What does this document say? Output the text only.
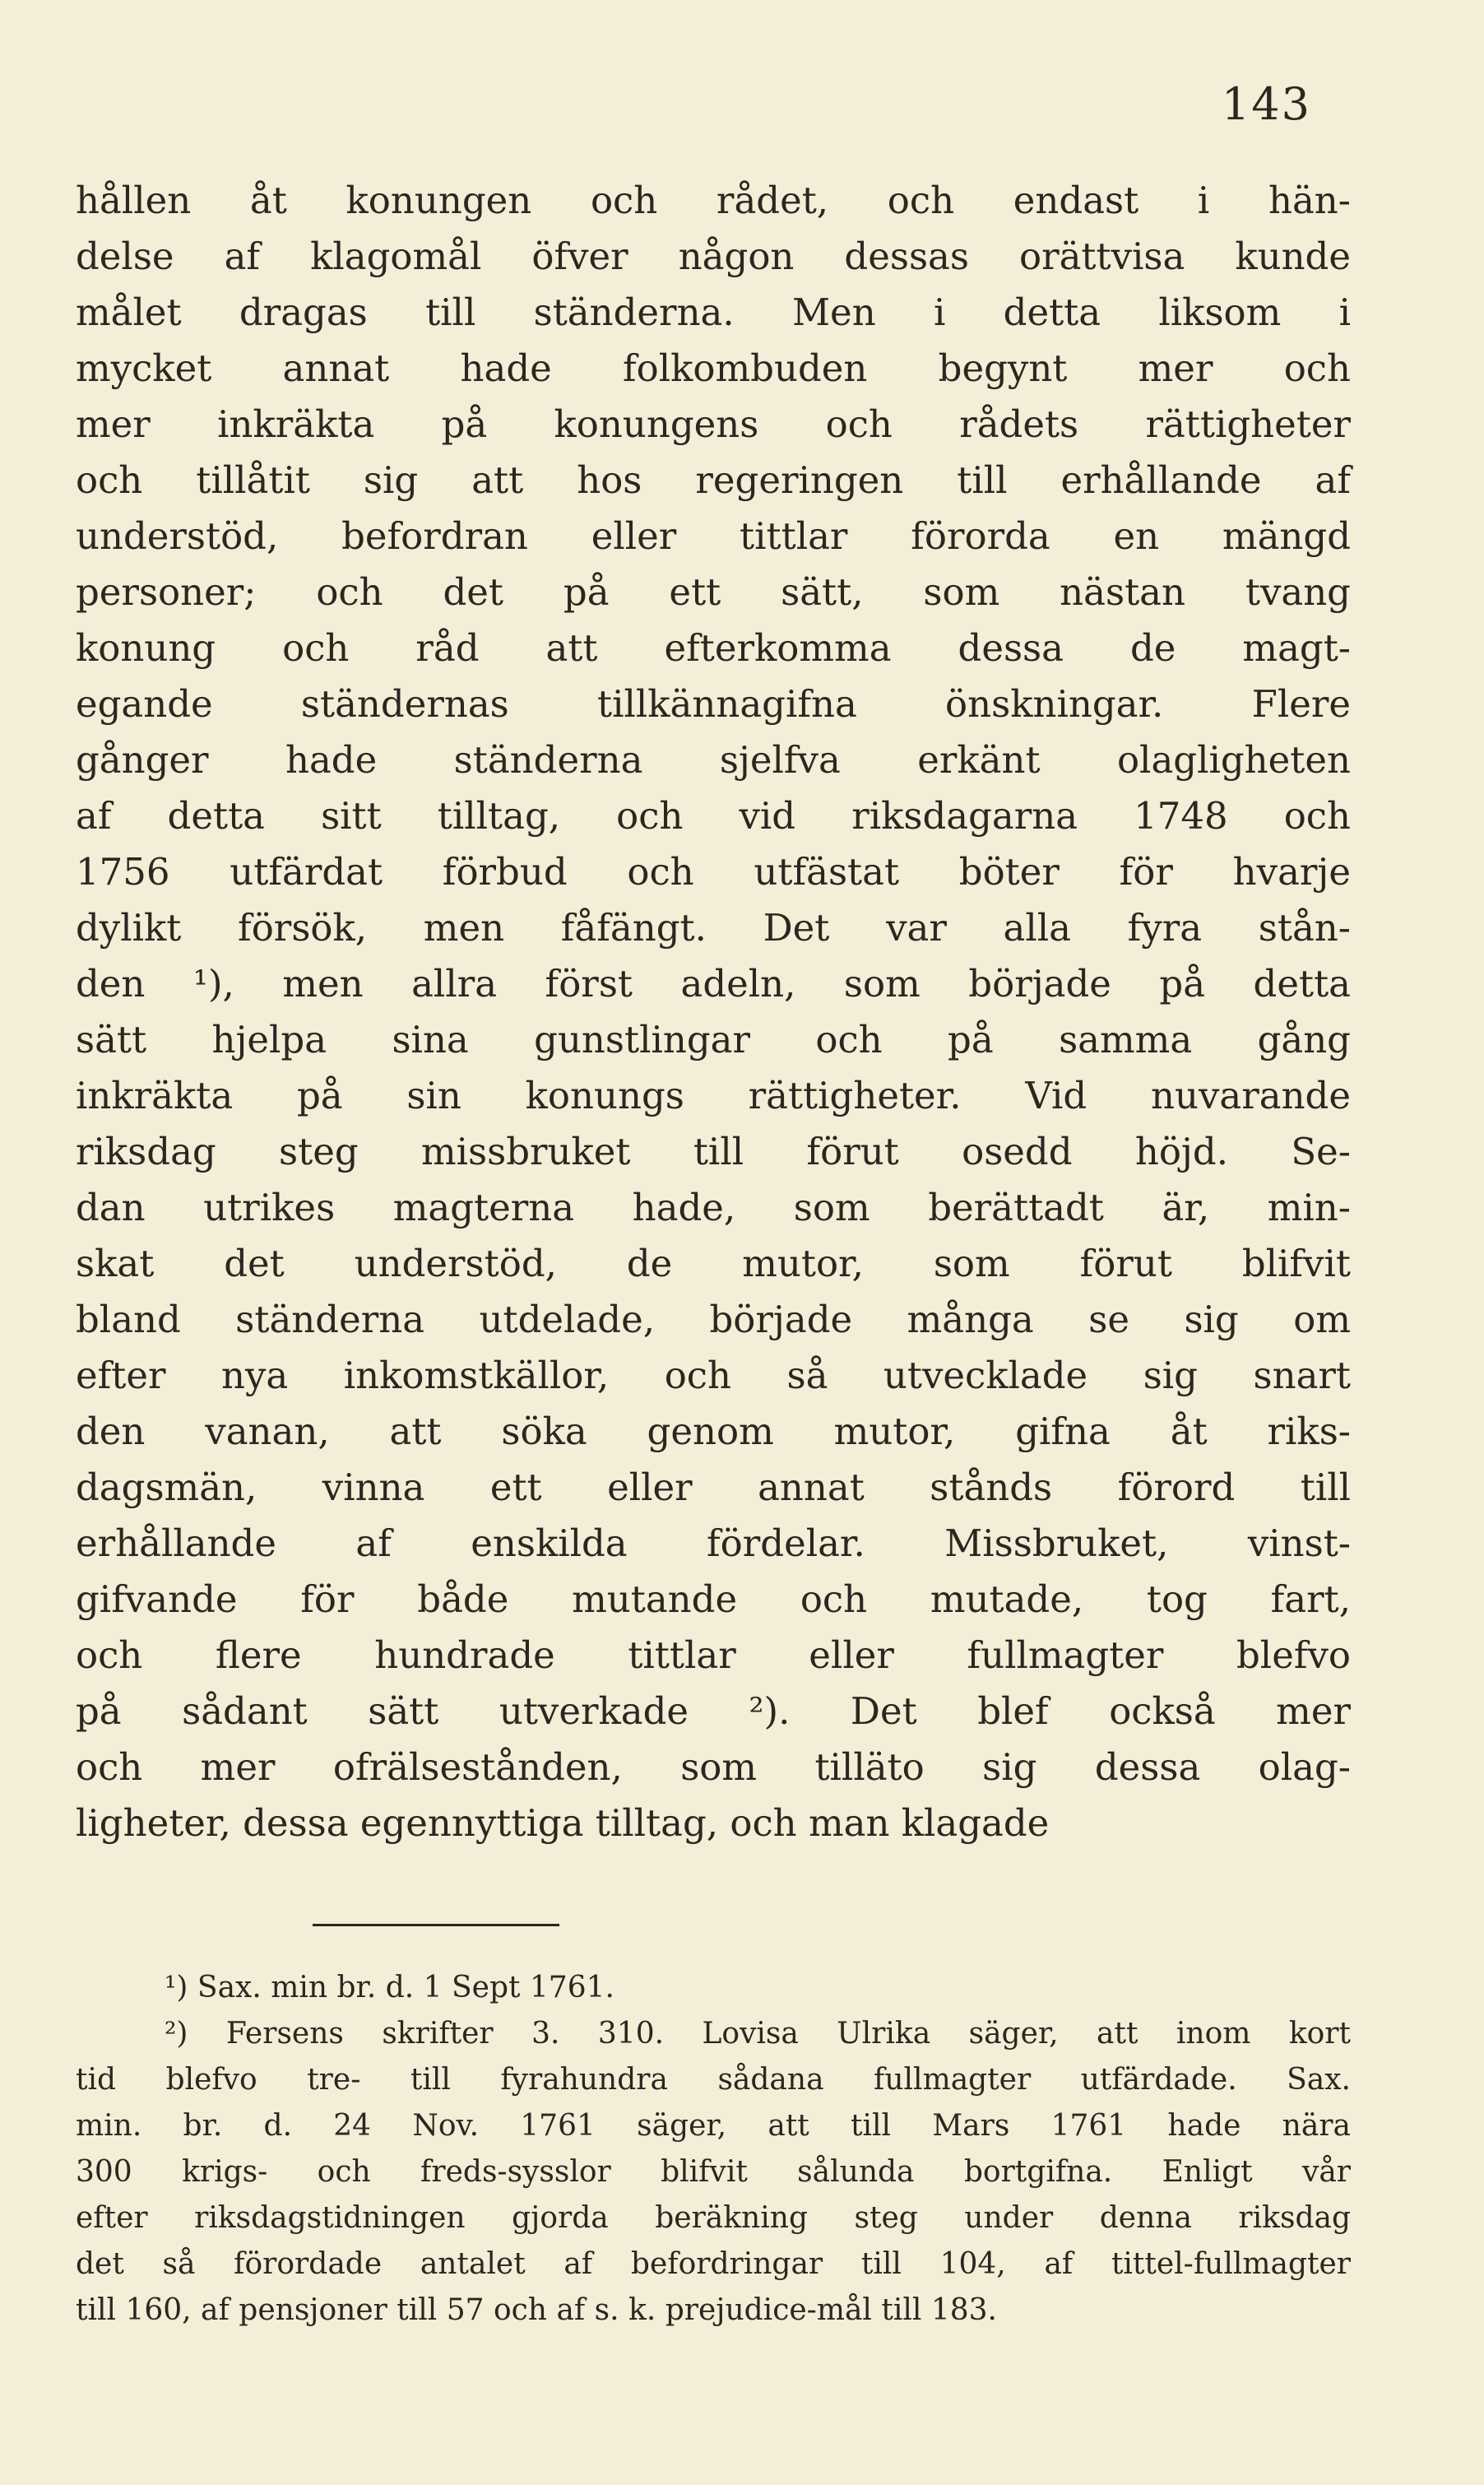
143
hållen åt konungen och rådet, och endast i hän-
delse af klagomål öfver någon dessas orättvisa kunde
målet dragas till ständerna. Men i detta liksom i
mycket annat hade folkombuden begynt mer och
mer inkräkta på konungens och rådets rättigheter
och tillåtit sig att hos regeringen till erhållande af
understöd, befordran eller tittlar förorda en mängd
personer; och det på ett sätt, som nästan tvang
konung och råd att efterkomma dessa de magt-
egande ständernas tillkännagifna önskningar. Flere
gånger hade ständerna sjelfva erkänt olagligheten
af detta sitt tilltag, och vid riksdagarna 1748 och
1756 utfärdat förbud och utfästat böter för hvarje
dylikt försök, men fåfängt. Det var alla fyra stån-
den ¹), men allra först adeln, som började på detta
sätt hjelpa sina gunstlingar och på samma gång
inkräkta på sin konungs rättigheter. Vid nuvarande
riksdag steg missbruket till förut osedd höjd. Se-
dan utrikes magterna hade, som berättadt är, min-
skat det understöd, de mutor, som förut blifvit
bland ständerna utdelade, började många se sig om
efter nya inkomstkällor, och så utvecklade sig snart
den vanan, att söka genom mutor, gifna åt riks-
dagsmän, vinna ett eller annat stånds förord till
erhållande af enskilda fördelar. Missbruket, vinst-
gifvande för både mutande och mutade, tog fart,
och flere hundrade tittlar eller fullmagter blefvo
på sådant sätt utverkade ²). Det blef också mer
och mer ofrälsestånden, som tilläto sig dessa olag-
ligheter, dessa egennyttiga tilltag, och man klagade
¹) Sax. min br. d. 1 Sept 1761.
²) Fersens skrifter 3. 310. Lovisa Ulrika säger, att inom kort
tid blefvo tre- till fyrahundra sådana fullmagter utfärdade. Sax.
min. br. d. 24 Nov. 1761 säger, att till Mars 1761 hade nära
300 krigs- och freds-sysslor blifvit sålunda bortgifna. Enligt vår
efter riksdagstidningen gjorda beräkning steg under denna riksdag
det så förordade antalet af befordringar till 104, af tittel-fullmagter
till 160, af pensjoner till 57 och af s. k. prejudice-mål till 183.
